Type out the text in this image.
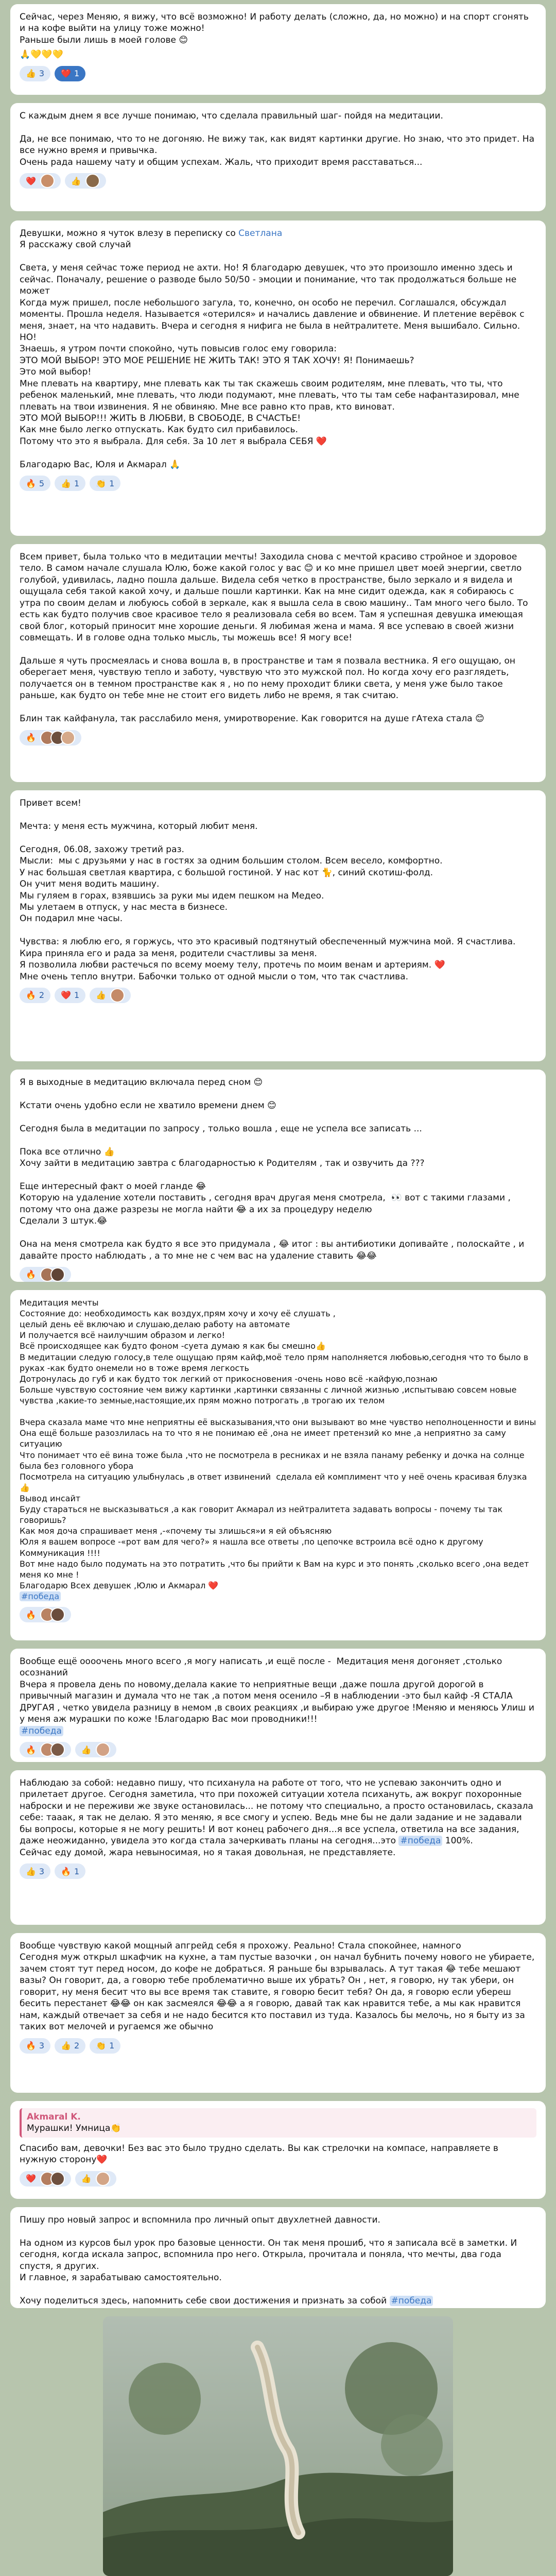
Сейчас, через Меняю, я вижу, что всё возможно! И работу делать (сложно, да, но можно) и на спорт сгонять и на кофе выйти на улицу тоже можно!
Раньше были лишь в моей голове 😊

🙏💛💛💛

👍 3 ❤️ 1

С каждым днем я все лучше понимаю, что сделала правильный шаг- пойдя на медитации.

Да, не все понимаю, что то не догоняю. Не вижу так, как видят картинки другие. Но знаю, что это придет. На все нужно время и привычка.
Очень рада нашему чату и общим успехам. Жаль, что приходит время расставаться...

❤️	👍

Девушки, можно я чуток влезу в переписку со Светлана

Я расскажу свой случай

Света, у меня сейчас тоже период не ахти. Но! Я благодарю девушек, что это произошло именно здесь и сейчас. Поначалу, решение о разводе было 50/50 - эмоции и понимание, что так продолжаться больше не может
Когда муж пришел, после небольшого загула, то, конечно, он особо не перечил. Соглашался, обсуждал моменты. Прошла неделя. Называется «отерился» и начались давление и обвинение. И плетение верёвок с меня, знает, на что надавить. Вчера и сегодня я нифига не была в нейтралитете. Меня вышибало. Сильно.
НО!
Знаешь, я утром почти спокойно, чуть повысив голос ему говорила:
ЭТО МОЙ ВЫБОР! ЭТО МОЕ РЕШЕНИЕ НЕ ЖИТЬ ТАК! ЭТО Я ТАК ХОЧУ! Я! Понимаешь?
Это мой выбор!
Мне плевать на квартиру, мне плевать как ты так скажешь своим родителям, мне плевать, что ты, что ребенок маленький, мне плевать, что люди подумают, мне плевать, что ты там себе нафантазировал, мне плевать на твои извинения. Я не обвиняю. Мне все равно кто прав, кто виноват.
ЭТО МОЙ ВЫБОР!!! ЖИТЬ В ЛЮБВИ, В СВОБОДЕ, В СЧАСТЬЕ!
Как мне было легко отпускать. Как будто сил прибавилось.
Потому что это я выбрала. Для себя. За 10 лет я выбрала СЕБЯ ❤️

Благодарю Вас, Юля и Акмарал 🙏

🔥 5 👍 1 👏 1

Всем привет, была только что в медитации мечты! Заходила снова с мечтой красиво стройное и здоровое тело. В самом начале слушала Юлю, боже какой голос у вас 😊 и ко мне пришел цвет моей энергии, светло голубой, удивилась, ладно пошла дальше. Видела себя четко в пространстве, было зеркало и я видела и ощущала себя такой какой хочу, и дальше пошли картинки. Как на мне сидит одежда, как я собираюсь с утра по своим делам и любуюсь собой в зеркале, как я вышла села в свою машину.. Там много чего было. То есть как будто получив свое красивое тело я реализовала себя во всем. Там я успешная девушка имеющая свой блог, который приносит мне хорошие деньги. Я любимая жена и мама. Я все успеваю в своей жизни совмещать. И в голове одна только мысль, ты можешь все! Я могу все!

Дальше я чуть просмеялась и снова вошла в, в пространстве и там я позвала вестника. Я его ощущаю, он оберегает меня, чувствую тепло и заботу, чувствую что это мужской пол. Но когда хочу его разглядеть, получается он в темном пространстве как я , но по нему проходит блики света, у меня уже было такое раньше, как будто он тебе мне не стоит его видеть либо не время, я так считаю.

Блин так кайфанула, так расслабило меня, умиротворение. Как говорится на душе гАтеха стала 😊

🔥

Привет всем!

Мечта: у меня есть мужчина, который любит меня.

Сегодня, 06.08, захожу третий раз.
Мысли:  мы с друзьями у нас в гостях за одним большим столом. Всем весело, комфортно.
У нас большая светлая квартира, с большой гостиной. У нас кот 🐈, синий скотиш-фолд.
Он учит меня водить машину.
Мы гуляем в горах, взявшись за руки мы идем пешком на Медео.
Мы улетаем в отпуск, у нас места в бизнесе.
Он подарил мне часы.

Чувства: я люблю его, я горжусь, что это красивый подтянутый обеспеченный мужчина мой. Я счастлива.
Кира приняла его и рада за меня, родители счастливы за меня.
Я позволила любви растечься по всему моему телу, протечь по моим венам и артериям. ❤️
Мне очень тепло внутри. Бабочки только от одной мысли о том, что так счастлива.

🔥 2 ❤️ 1 👍

Я в выходные в медитацию включала перед сном 😊

Кстати очень удобно если не хватило времени днем 😊

Сегодня была в медитации по запросу , только вошла , еще не успела все записать ...

Пока все отлично 👍
Хочу зайти в медитацию завтра с благодарностью к Родителям , так и озвучить да ???

Еще интересный факт о моей гланде 😂
Которую на удаление хотели поставить , сегодня врач другая меня смотрела,  👀 вот с такими глазами , потому что она даже разрезы не могла найти 😂 а их за процедуру неделю
Сделали 3 штук.😂

Она на меня смотрела как будто я все это придумала , 😂 итог : вы антибиотики допивайте , полоскайте , и давайте просто наблюдать , а то мне не с чем вас на удаление ставить 😂😂

🔥

Медитация мечты
Состояние до: необходимость как воздух,прям хочу и хочу её слушать ,
целый день её включаю и слушаю,делаю работу на автомате
И получается всё наилучшим образом и легко!
Всё происходящее как будто фоном -суета думаю я как бы смешно👍
В медитации следую голосу,в теле ощущаю прям кайф,моё тело прям наполняется любовью,сегодня что то было в руках -как будто онемели но в тоже время легкость
Дотронулась до губ и как будто ток легкий от прикосновения -очень ново всё -кайфую,познаю
Больше чувствую состояние чем вижу картинки ,картинки связанны с личной жизнью ,испытываю совсем новые чувства ,какие-то земные,настоящие,их прям можно потрогать ,в трогаю их телом

Вчера сказала маме что мне неприятны её высказывания,что они вызывают во мне чувство неполноценности и вины
Она ещё больше разозлилась на то что я не понимаю её ,она не имеет претензий ко мне ,а неприятно за саму ситуацию
Что понимает что её вина тоже была ,что не посмотрела в ресниках и не взяла панаму ребенку и дочка на солнце была без головного убора
Посмотрела на ситуацию улыбнулась ,в ответ извинений  сделала ей комплимент что у неё очень красивая блузка 👍
Вывод инсайт
Буду стараться не высказываться ,а как говорит Акмарал из нейтралитета задавать вопросы - почему ты так говоришь?
Как моя доча спрашивает меня ,-«почему ты злишься»и я ей объясняю
Юля я вашем вопросе -«рот вам для чего?» я нашла все ответы ,по цепочке встроила всё одно к другому
Коммуникация !!!!
Вот мне надо было подумать на это потратить ,что бы прийти к Вам на курс и это понять ,сколько всего ,она ведет меня ко мне !
Благодарю Всех девушек ,Юлю и Акмарал ❤️

#победа

🔥

Вообще ещё оооочень много всего ,я могу написать ,и ещё после -  Медитация меня догоняет ,столько осознаний
Вчера я провела день по новому,делала какие то неприятные вещи ,даже пошла другой дорогой в привычный магазин и думала что не так ,а потом меня осенило –Я в наблюдении -это был кайф -Я СТАЛА ДРУГАЯ , четко увидела разницу в немом ,в своих реакциях ,и выбираю уже другое !Меняю и меняюсь Улиш и у меня аж мурашки по коже !Благодарю Вас мои проводники!!!

#победа

🔥	👍

Наблюдаю за собой: недавно пишу, что психанула на работе от того, что не успеваю закончить одно и прилетает другое. Сегодня заметила, что при похожей ситуации хотела психануть, аж вокруг похоронные наброски и не переживи же звуке остановилась... не потому что специально, а просто остановилась, сказала себе: тааак, я так не делаю. Я это меняю, я все смогу и успею. Ведь мне бы не дали задание и не задавали бы вопросы, которые я не могу решить! И вот конец рабочего дня...я все успела, ответила на все задания, даже неожиданно, увидела это когда стала зачеркивать планы на сегодня...это #победа 100%.
Сейчас еду домой, жара невыносимая, но я такая довольная, не представляете.

👍 3 🔥 1

Вообще чувствую какой мощный апгрейд себя я прохожу. Реально! Стала спокойнее, намного
Сегодня муж открыл шкафчик на кухне, а там пустые вазочки , он начал бубнить почему нового не убираете, зачем стоят тут перед носом, до кофе не добраться. Я раньше бы взрывалась. А тут такая 😂 тебе мешают вазы? Он говорит, да, а говорю тебе проблематично выше их убрать? Он , нет, я говорю, ну так убери, он говорит, ну меня бесит что вы все время так ставите, я говорю бесит тебя? Он да, я говорю если убереш бесить перестанет 😂😂 он как засмеялся 😂😂 а я говорю, давай так как нравится тебе, а мы как нравится нам, каждый отвечает за себя и не надо бесится кто поставил из туда. Казалось бы мелочь, но я быту из за таких вот мелочей и ругаемся же обычно

🔥 3 👍 2 👏 1
Akmaral K.
Мурашки! Умница👏

Спасибо вам, девочки! Без вас это было трудно сделать. Вы как стрелочки на компасе, направляете в нужную сторону❤️

❤️	👍

Пишу про новый запрос и вспомнила про личный опыт двухлетней давности.

На одном из курсов был урок про базовые ценности. Он так меня прошиб, что я записала всё в заметки. И сегодня, когда искала запрос, вспомнила про него. Открыла, прочитала и поняла, что мечты, два года спустя, я других.
И главное, я зарабатываю самостоятельно.

Хочу поделиться здесь, напомнить себе свои достижения и признать за собой #победа
